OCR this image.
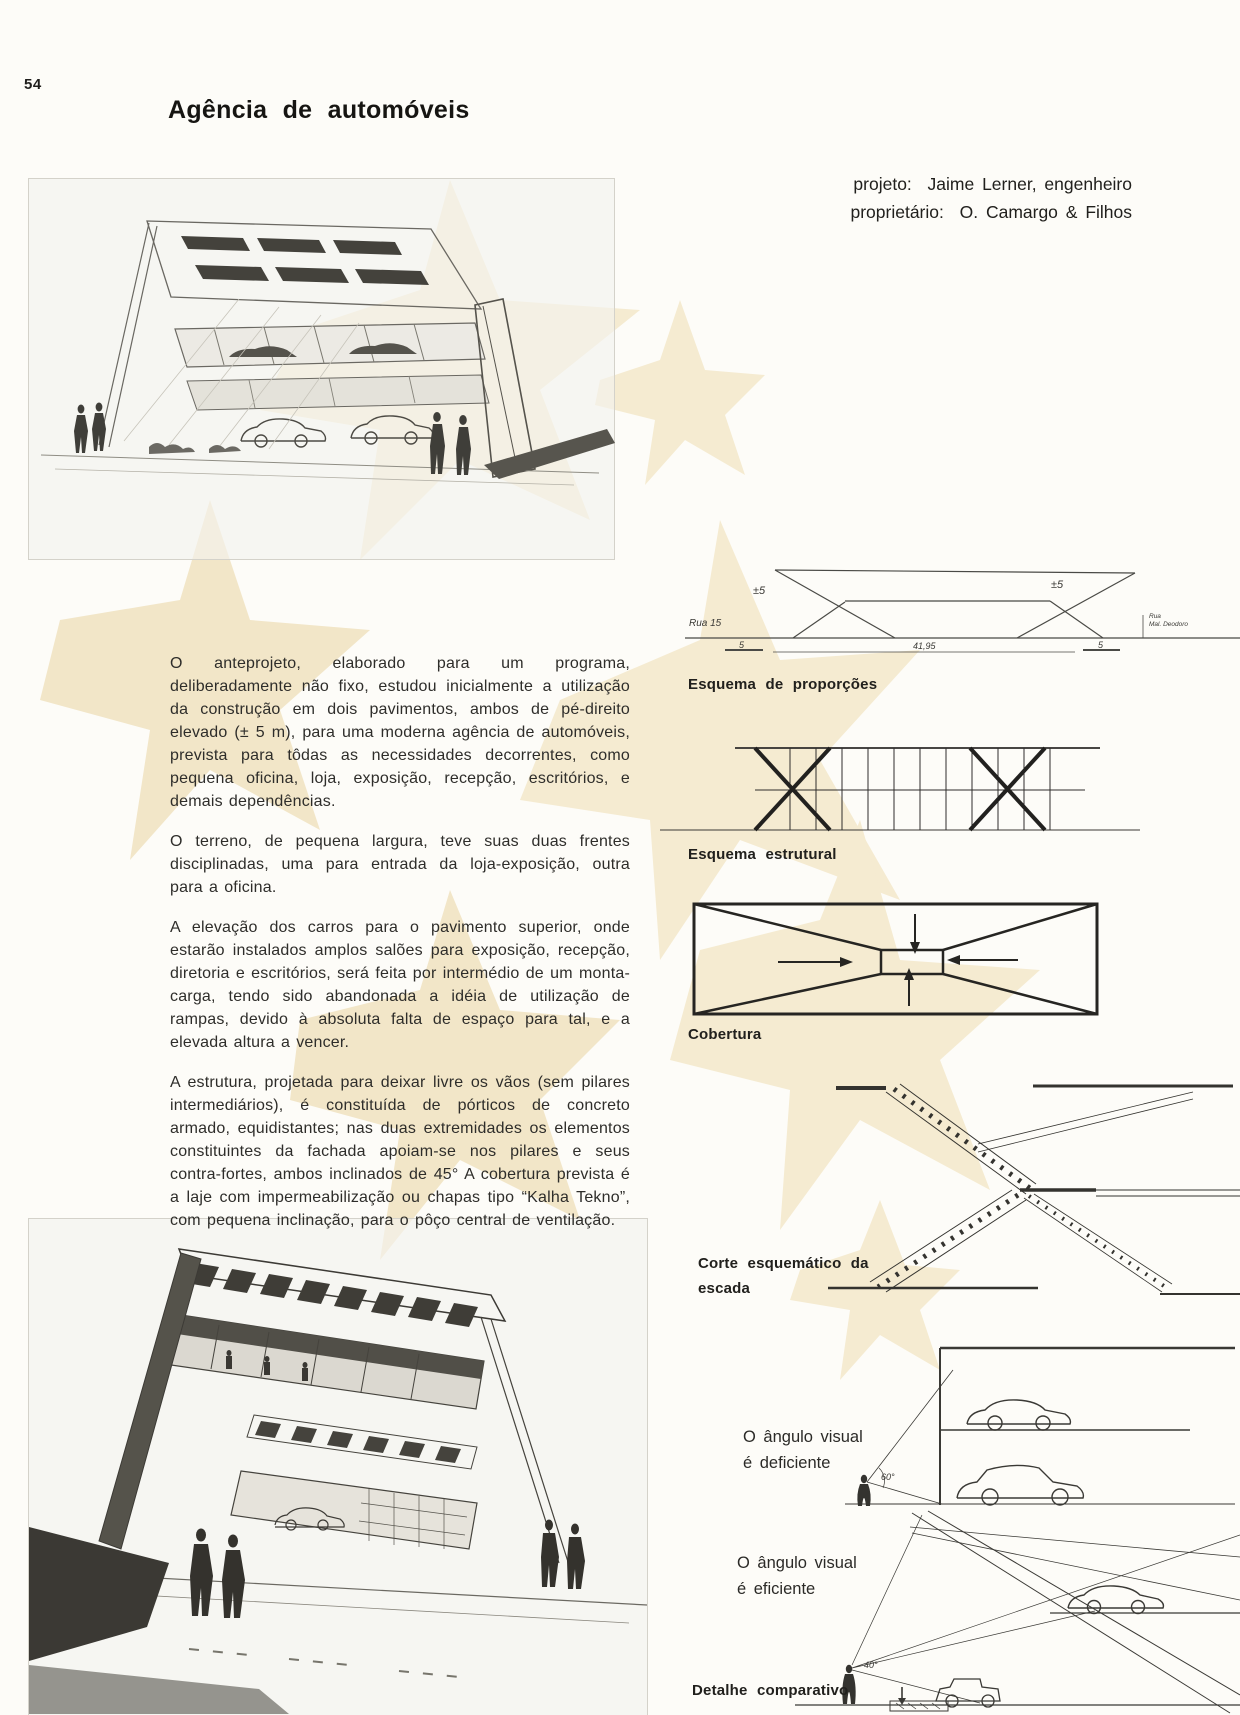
54
Agência de automóveis
projeto: Jaime Lerner, engenheiro
proprietário: O. Camargo & Filhos
±5	±5
Rua 15
Rua
Mal. Deodoro
5	41,95	5
Esquema de proporções
Esquema estrutural
Cobertura
Corte esquemático da
escada
O ângulo visual
é deficiente
60°
O ângulo visual
é eficiente
40°
Detalhe comparativo

O anteprojeto, elaborado para um programa, deliberadamente não fixo, estudou inicialmente a utilização da construção em dois pavimentos, ambos de pé-direito elevado (± 5 m), para uma moderna agência de automóveis, prevista para tôdas as necessidades decorrentes, como pequena oficina, loja, exposição, recepção, escritórios, e demais dependências.

O terreno, de pequena largura, teve suas duas frentes disciplinadas, uma para entrada da loja-exposição, outra para a oficina.

A elevação dos carros para o pavimento superior, onde estarão instalados amplos salões para exposição, recepção, diretoria e escritórios, será feita por intermédio de um monta-carga, tendo sido abandonada a idéia de utilização de rampas, devido à absoluta falta de espaço para tal, e a elevada altura a vencer.

A estrutura, projetada para deixar livre os vãos (sem pilares intermediários), é constituída de pórticos de concreto armado, equidistantes; nas duas extremidades os elementos constituintes da fachada apoiam-se nos pilares e seus contra-fortes, ambos inclinados de 45° A cobertura prevista é a laje com impermeabilização ou chapas tipo “Kalha Tekno”, com pequena inclinação, para o pôço central de ventilação.
